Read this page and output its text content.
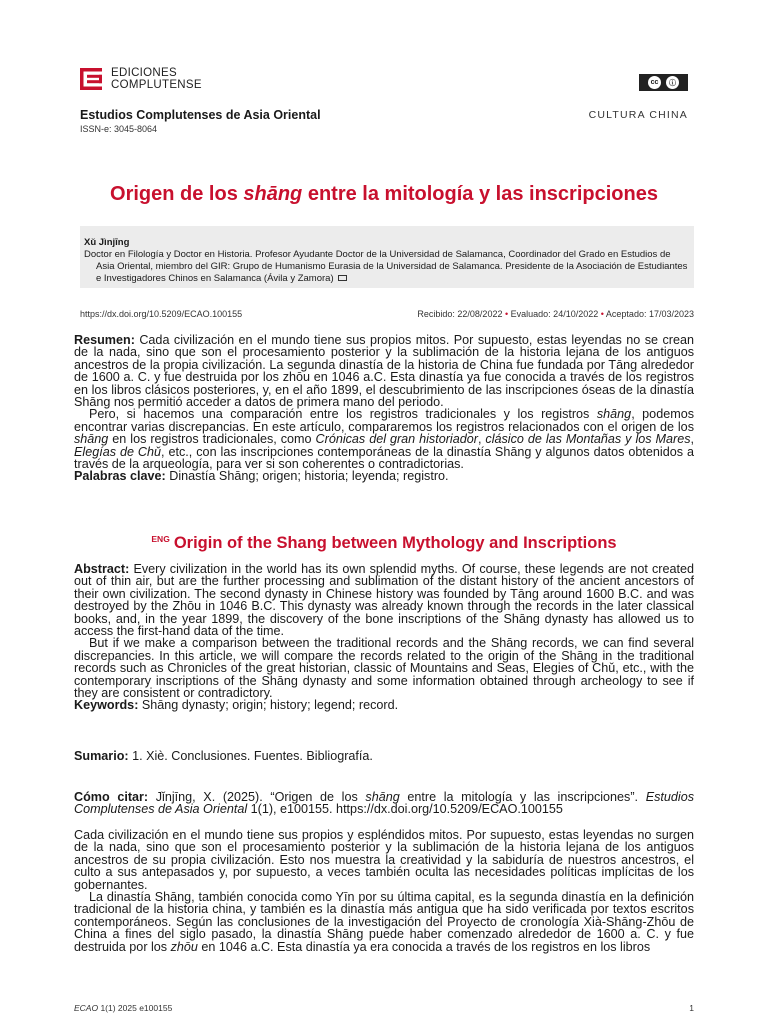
EDICIONES
COMPLUTENSE	cc	ⓘ
Estudios Complutenses de Asia Oriental
ISSN-e: 3045-8064
CULTURA CHINA
Origen de los shāng entre la mitología y las inscripciones
Xǔ Jìnjīng
Doctor en Filología y Doctor en Historia. Profesor Ayudante Doctor de la Universidad de Salamanca, Coordinador del Grado en Estudios de Asia Oriental, miembro del GIR: Grupo de Humanismo Eurasia de la Universidad de Salamanca. Presidente de la Asociación de Estudiantes e Investigadores Chinos en Salamanca (Ávila y Zamora)
https://dx.doi.org/10.5209/ECAO.100155	Recibido: 22/08/2022 • Evaluado: 24/10/2022 • Aceptado: 17/03/2023

Resumen: Cada civilización en el mundo tiene sus propios mitos. Por supuesto, estas leyendas no se crean de la nada, sino que son el procesamiento posterior y la sublimación de la historia lejana de los antiguos ancestros de la propia civilización. La segunda dinastía de la historia de China fue fundada por Tāng alrededor de 1600 a. C. y fue destruida por los zhōu en 1046 a.C. Esta dinastía ya fue conocida a través de los registros en los libros clásicos posteriores, y, en el año 1899, el descubrimiento de las inscripciones óseas de la dinastía Shāng nos permitió acceder a datos de primera mano del periodo.

Pero, si hacemos una comparación entre los registros tradicionales y los registros shāng, podemos encontrar varias discrepancias. En este artículo, compararemos los registros relacionados con el origen de los shāng en los registros tradicionales, como Crónicas del gran historiador, clásico de las Montañas y los Mares, Elegías de Chǔ, etc., con las inscripciones contemporáneas de la dinastía Shāng y algunos datos obtenidos a través de la arqueología, para ver si son coherentes o contradictorias.

Palabras clave: Dinastía Shāng; origen; historia; leyenda; registro.

$^{ENG}$ Origin of the Shang between Mythology and Inscriptions

Abstract: Every civilization in the world has its own splendid myths. Of course, these legends are not created out of thin air, but are the further processing and sublimation of the distant history of the ancient ancestors of their own civilization. The second dynasty in Chinese history was founded by Tāng around 1600 B.C. and was destroyed by the Zhōu in 1046 B.C. This dynasty was already known through the records in the later classical books, and, in the year 1899, the discovery of the bone inscriptions of the Shāng dynasty has allowed us to access the first-hand data of the time.

But if we make a comparison between the traditional records and the Shāng records, we can find several discrepancies. In this article, we will compare the records related to the origin of the Shāng in the traditional records such as Chronicles of the great historian, classic of Mountains and Seas, Elegies of Chǔ, etc., with the contemporary inscriptions of the Shāng dynasty and some information obtained through archeology to see if they are consistent or contradictory.

Keywords: Shāng dynasty; origin; history; legend; record.

Sumario: 1. Xiè. Conclusiones. Fuentes. Bibliografía.

Cómo citar: Jǐnjīng, X. (2025). “Origen de los shāng entre la mitología y las inscripciones”. Estudios Complutenses de Asia Oriental 1(1), e100155. https://dx.doi.org/10.5209/ECAO.100155

Cada civilización en el mundo tiene sus propios y espléndidos mitos. Por supuesto, estas leyendas no surgen de la nada, sino que son el procesamiento posterior y la sublimación de la historia lejana de los antiguos ancestros de su propia civilización. Esto nos muestra la creatividad y la sabiduría de nuestros ancestros, el culto a sus antepasados y, por supuesto, a veces también oculta las necesidades políticas implícitas de los gobernantes.

La dinastía Shāng, también conocida como Yīn por su última capital, es la segunda dinastía en la definición tradicional de la historia china, y también es la dinastía más antigua que ha sido verificada por textos escritos contemporáneos. Según las conclusiones de la investigación del Proyecto de cronología Xià-Shāng-Zhōu de China a fines del siglo pasado, la dinastía Shāng puede haber comenzado alrededor de 1600 a. C. y fue destruida por los zhōu en 1046 a.C. Esta dinastía ya era conocida a través de los registros en los libros

ECAO 1(1) 2025 e100155	1
